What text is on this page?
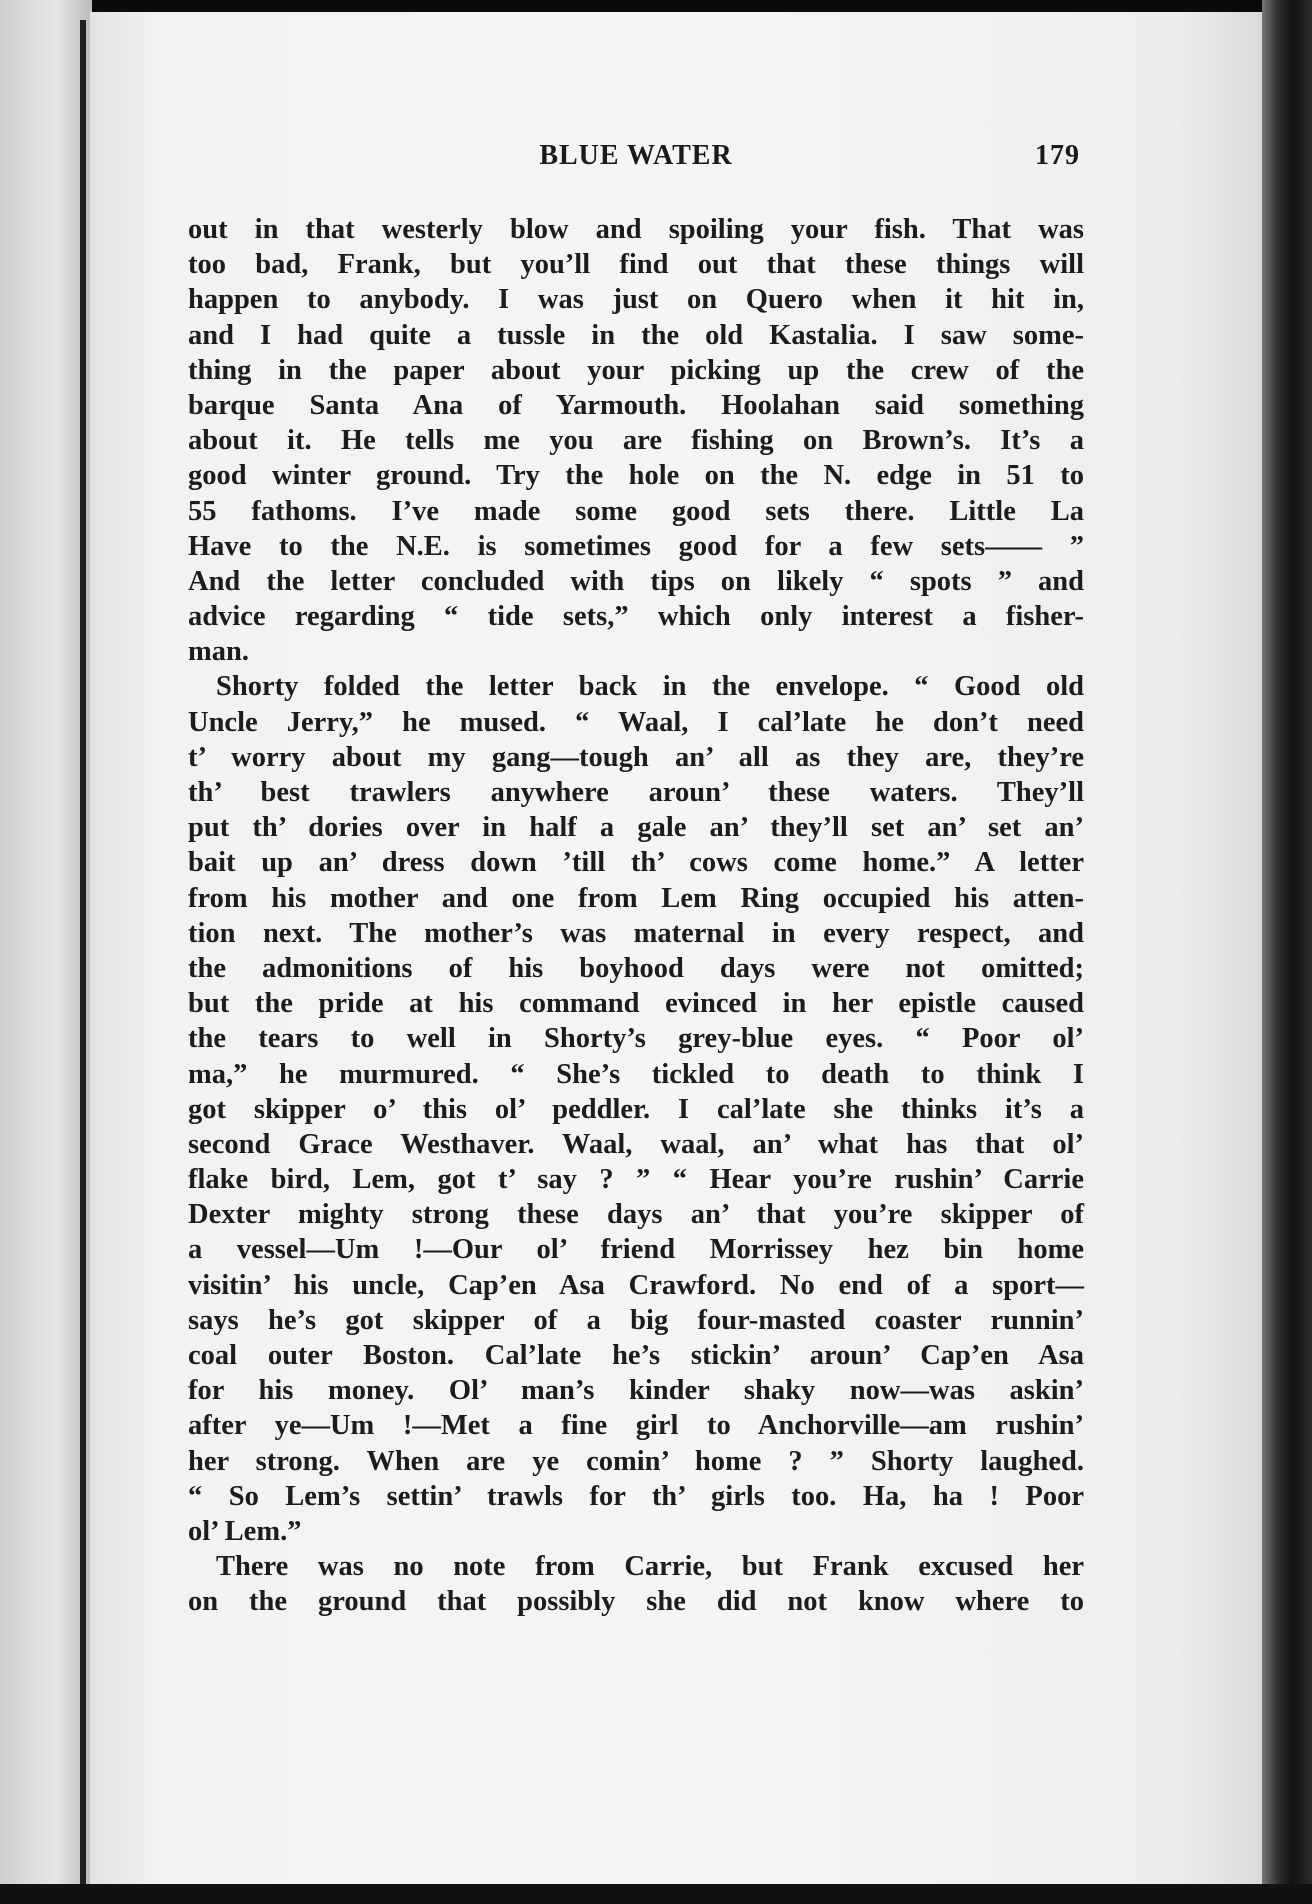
BLUE WATER	179
out in that westerly blow and spoiling your fish. That was
too bad, Frank, but you’ll find out that these things will
happen to anybody. I was just on Quero when it hit in,
and I had quite a tussle in the old Kastalia. I saw some-
thing in the paper about your picking up the crew of the
barque Santa Ana of Yarmouth. Hoolahan said something
about it. He tells me you are fishing on Brown’s. It’s a
good winter ground. Try the hole on the N. edge in 51 to
55 fathoms. I’ve made some good sets there. Little La
Have to the N.E. is sometimes good for a few sets—— ”
And the letter concluded with tips on likely “ spots ” and
advice regarding “ tide sets,” which only interest a fisher-
man.
Shorty folded the letter back in the envelope. “ Good old
Uncle Jerry,” he mused. “ Waal, I cal’late he don’t need
t’ worry about my gang—tough an’ all as they are, they’re
th’ best trawlers anywhere aroun’ these waters. They’ll
put th’ dories over in half a gale an’ they’ll set an’ set an’
bait up an’ dress down ’till th’ cows come home.” A letter
from his mother and one from Lem Ring occupied his atten-
tion next. The mother’s was maternal in every respect, and
the admonitions of his boyhood days were not omitted;
but the pride at his command evinced in her epistle caused
the tears to well in Shorty’s grey-blue eyes. “ Poor ol’
ma,” he murmured. “ She’s tickled to death to think I
got skipper o’ this ol’ peddler. I cal’late she thinks it’s a
second Grace Westhaver. Waal, waal, an’ what has that ol’
flake bird, Lem, got t’ say ? ” “ Hear you’re rushin’ Carrie
Dexter mighty strong these days an’ that you’re skipper of
a vessel—Um !—Our ol’ friend Morrissey hez bin home
visitin’ his uncle, Cap’en Asa Crawford. No end of a sport—
says he’s got skipper of a big four-masted coaster runnin’
coal outer Boston. Cal’late he’s stickin’ aroun’ Cap’en Asa
for his money. Ol’ man’s kinder shaky now—was askin’
after ye—Um !—Met a fine girl to Anchorville—am rushin’
her strong. When are ye comin’ home ? ” Shorty laughed.
“ So Lem’s settin’ trawls for th’ girls too. Ha, ha ! Poor
ol’ Lem.”
There was no note from Carrie, but Frank excused her
on the ground that possibly she did not know where to
